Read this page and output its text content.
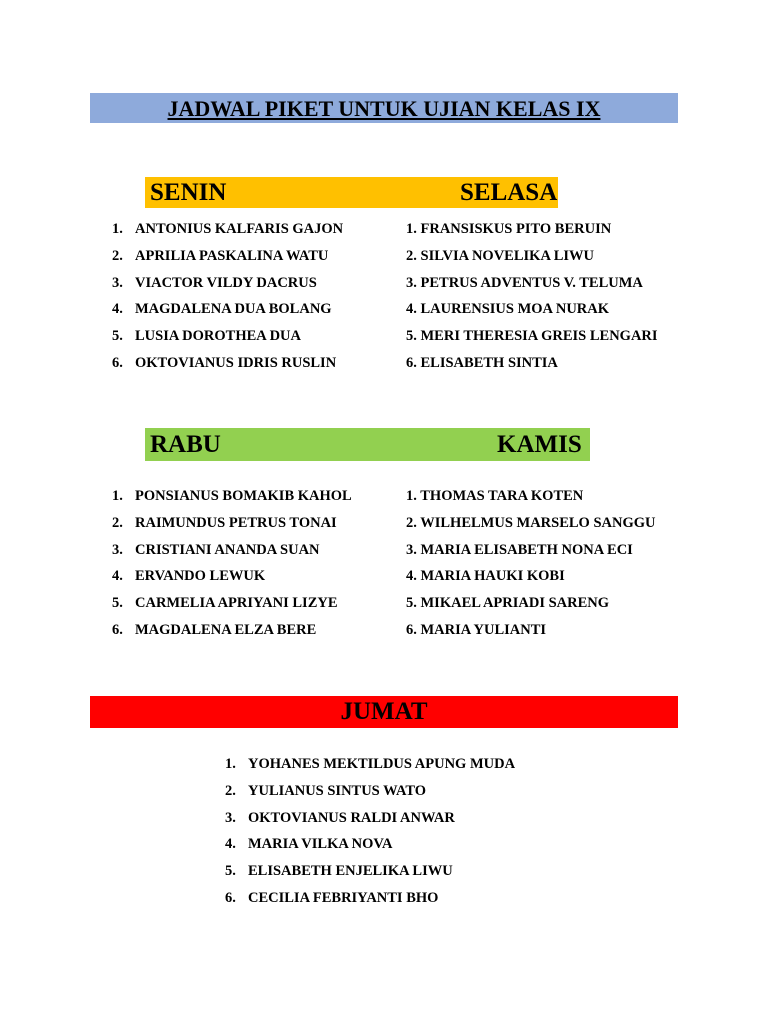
JADWAL PIKET UNTUK UJIAN KELAS IX
SENIN	SELASA
1. ANTONIUS KALFARIS GAJON
2. APRILIA PASKALINA WATU
3. VIACTOR VILDY DACRUS
4. MAGDALENA DUA BOLANG
5. LUSIA DOROTHEA DUA
6. OKTOVIANUS IDRIS RUSLIN
1. FRANSISKUS PITO BERUIN
2. SILVIA NOVELIKA LIWU
3. PETRUS ADVENTUS V. TELUMA
4. LAURENSIUS MOA NURAK
5. MERI THERESIA GREIS LENGARI
6. ELISABETH SINTIA
RABU	KAMIS
1. PONSIANUS BOMAKIB KAHOL
2. RAIMUNDUS PETRUS TONAI
3. CRISTIANI ANANDA SUAN
4. ERVANDO LEWUK
5. CARMELIA APRIYANI LIZYE
6. MAGDALENA ELZA BERE
1. THOMAS TARA KOTEN
2. WILHELMUS MARSELO SANGGU
3. MARIA ELISABETH NONA ECI
4. MARIA HAUKI KOBI
5. MIKAEL APRIADI SARENG
6. MARIA YULIANTI
JUMAT
1. YOHANES MEKTILDUS APUNG MUDA
2. YULIANUS SINTUS WATO
3. OKTOVIANUS RALDI ANWAR
4. MARIA VILKA NOVA
5. ELISABETH ENJELIKA LIWU
6. CECILIA FEBRIYANTI BHO
